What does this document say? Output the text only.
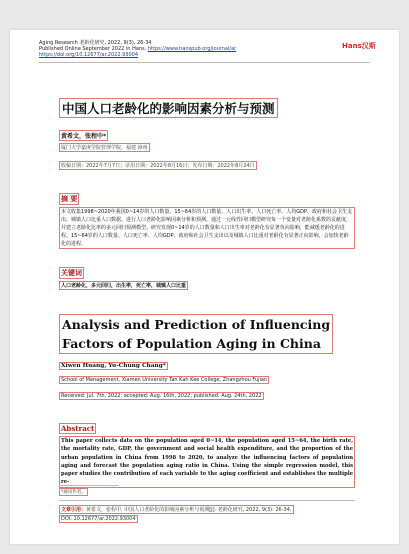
Aging Research 老龄化研究, 2022, 9(3), 26-34
Published Online September 2022 in Hans. https://www.hanspub.org/journal/ar
https://doi.org/10.12677/ar.2022.93004
Hans汉斯
中国人口老龄化的影响因素分析与预测
黄希文，张程中*
厦门大学嘉庚学院管理学院，福建 漳州
收稿日期：2022年7月7日；录用日期：2022年8月16日；发布日期：2022年8月24日
摘 要
本文收集1998~2020年我国0~14岁的人口数量、15~64岁的人口数量、人口出生率、人口死亡率、人均GDP、政府和社会卫生支出、城镇人口比重人口数据。进行人口老龄化影响因素分析和预测。通过一元线性回归模型研究每一个变量对老龄化系数的贡献度，并建立老龄化比率的多元回归预测模型。研究发现0~14岁的人口数量和人口出生率对老龄化有显著负向影响，能减缓老龄化的进程。15~64岁的人口数量、人口死亡率、人均GDP、政府和社会卫生支出以及城镇人口比重对老龄化有显著正向影响，会加快老龄化的进程。
关键词
人口老龄化，多元回归，出生率，死亡率，城镇人口比重
Analysis and Prediction of Influencing
Factors of Population Aging in China
Xiwen Huang, Yu-Chung Chang*
School of Management, Xiamen University Tan Kah Kee College, Zhangzhou Fujian
Received: Jul. 7th, 2022; accepted: Aug. 16th, 2022; published: Aug. 24th, 2022
Abstract
This paper collects data on the population aged 0~14, the population aged 15~64, the birth rate, the mortality rate, GDP, the government and social health expenditure, and the proportion of the urban population in China from 1998 to 2020, to analyze the influencing factors of population aging and forecast the population aging ratio in China. Using the simple regression model, this paper studies the contribution of each variable to the aging coefficient and establishes the multiple re-
*通讯作者。
文章引用：黄希文，张程中. 中国人口老龄化的影响因素分析与预测[J]. 老龄化研究, 2022, 9(3): 26-34.
DOI: 10.12677/ar.2022.93004
